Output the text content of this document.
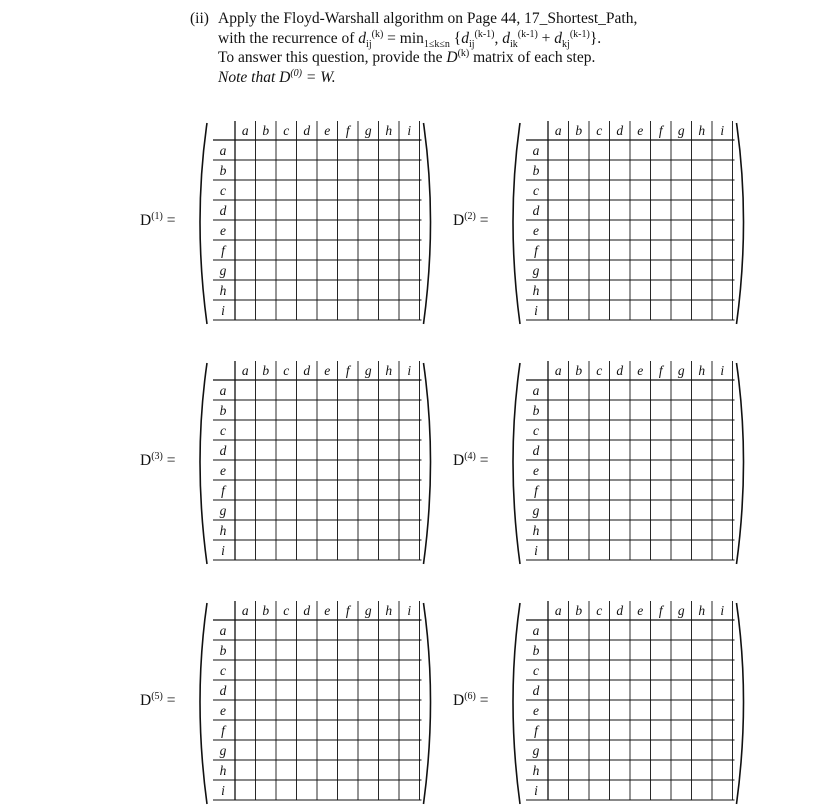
(ii) Apply the Floyd-Warshall algorithm on Page 44, 17_Shortest_Path,
with the recurrence of $d_{ij}^{(k)} = \min_{1\le k\le n} \{d_{ij}^{(k-1)}$, $d_{ik}^{(k-1)} + d_{kj}^{(k-1)}$}.
To answer this question, provide the $D^{(k)}$ matrix of each step.
Note that $D^{(0)} = W$.
$D^{(1)}$ =
a b c d e f g h i
a
b
c
d
e
f
g
h
i
$D^{(2)}$ =
a b c d e f g h i
a
b
c
d
e
f
g
h
i
$D^{(3)}$ =
a b c d e f g h i
a
b
c
d
e
f
g
h
i
$D^{(4)}$ =
a b c d e f g h i
a
b
c
d
e
f
g
h
i
$D^{(5)}$ =
a b c d e f g h i
a
b
c
d
e
f
g
h
i
$D^{(6)}$ =
a b c d e f g h i
a
b
c
d
e
f
g
h
i
